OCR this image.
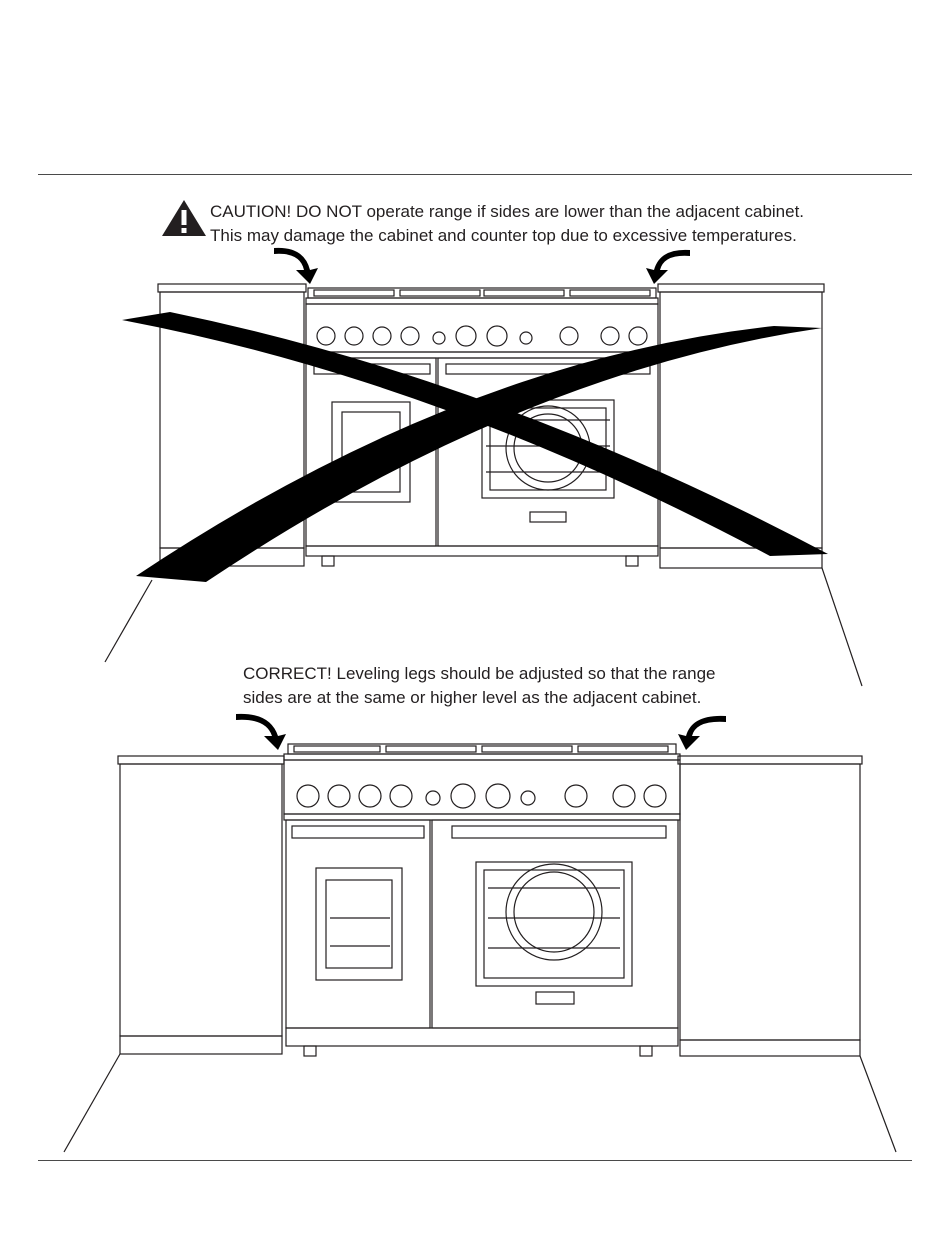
CAUTION! DO NOT operate range if sides are lower than the adjacent cabinet.
This may damage the cabinet and counter top due to excessive temperatures.
CORRECT! Leveling legs should be adjusted so that the range
sides are at the same or higher level as the adjacent cabinet.
